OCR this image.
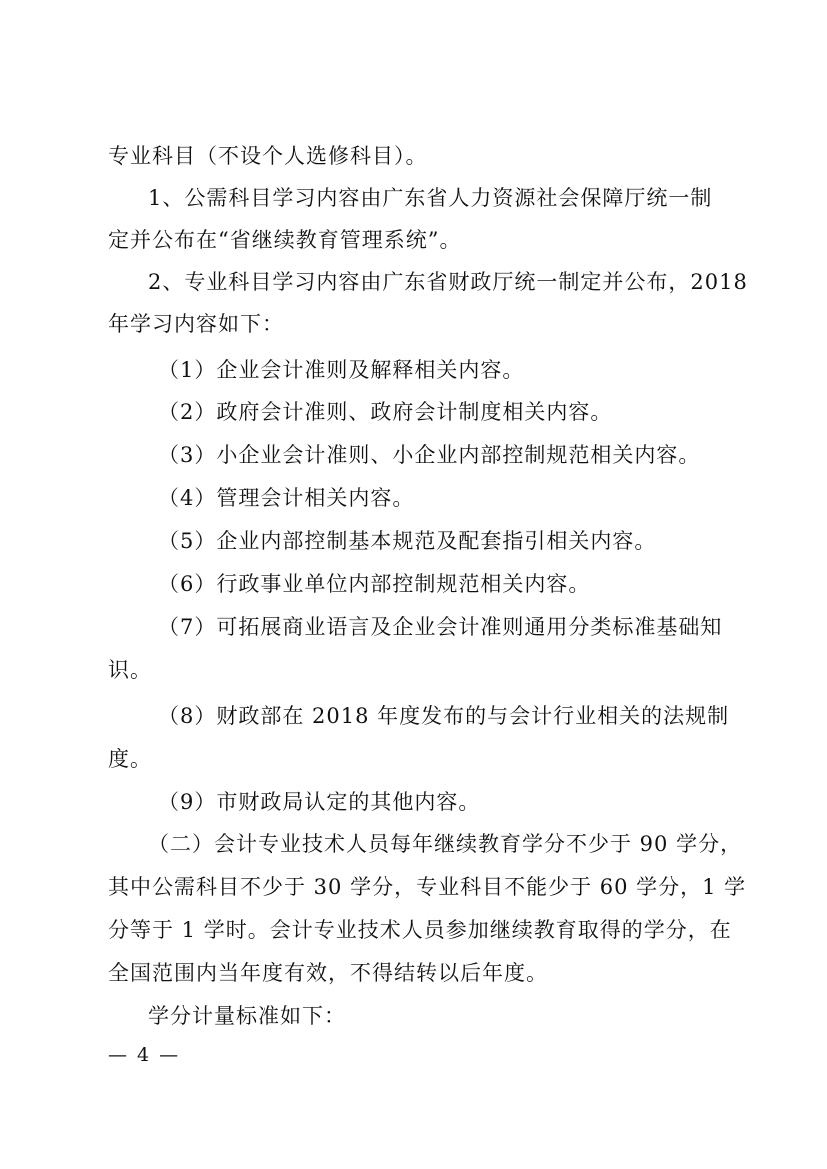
专业科目（不设个人选修科目）。
1、公需科目学习内容由广东省人力资源社会保障厅统一制
定并公布在“省继续教育管理系统”。
2、专业科目学习内容由广东省财政厅统一制定并公布，2018
年学习内容如下：
（1）企业会计准则及解释相关内容。
（2）政府会计准则、政府会计制度相关内容。
（3）小企业会计准则、小企业内部控制规范相关内容。
（4）管理会计相关内容。
（5）企业内部控制基本规范及配套指引相关内容。
（6）行政事业单位内部控制规范相关内容。
（7）可拓展商业语言及企业会计准则通用分类标准基础知
识。
（8）财政部在 2018 年度发布的与会计行业相关的法规制
度。
（9）市财政局认定的其他内容。
（二）会计专业技术人员每年继续教育学分不少于 90 学分，
其中公需科目不少于 30 学分，专业科目不能少于 60 学分，1 学
分等于 1 学时。会计专业技术人员参加继续教育取得的学分，在
全国范围内当年度有效，不得结转以后年度。
学分计量标准如下：
— 4 —
